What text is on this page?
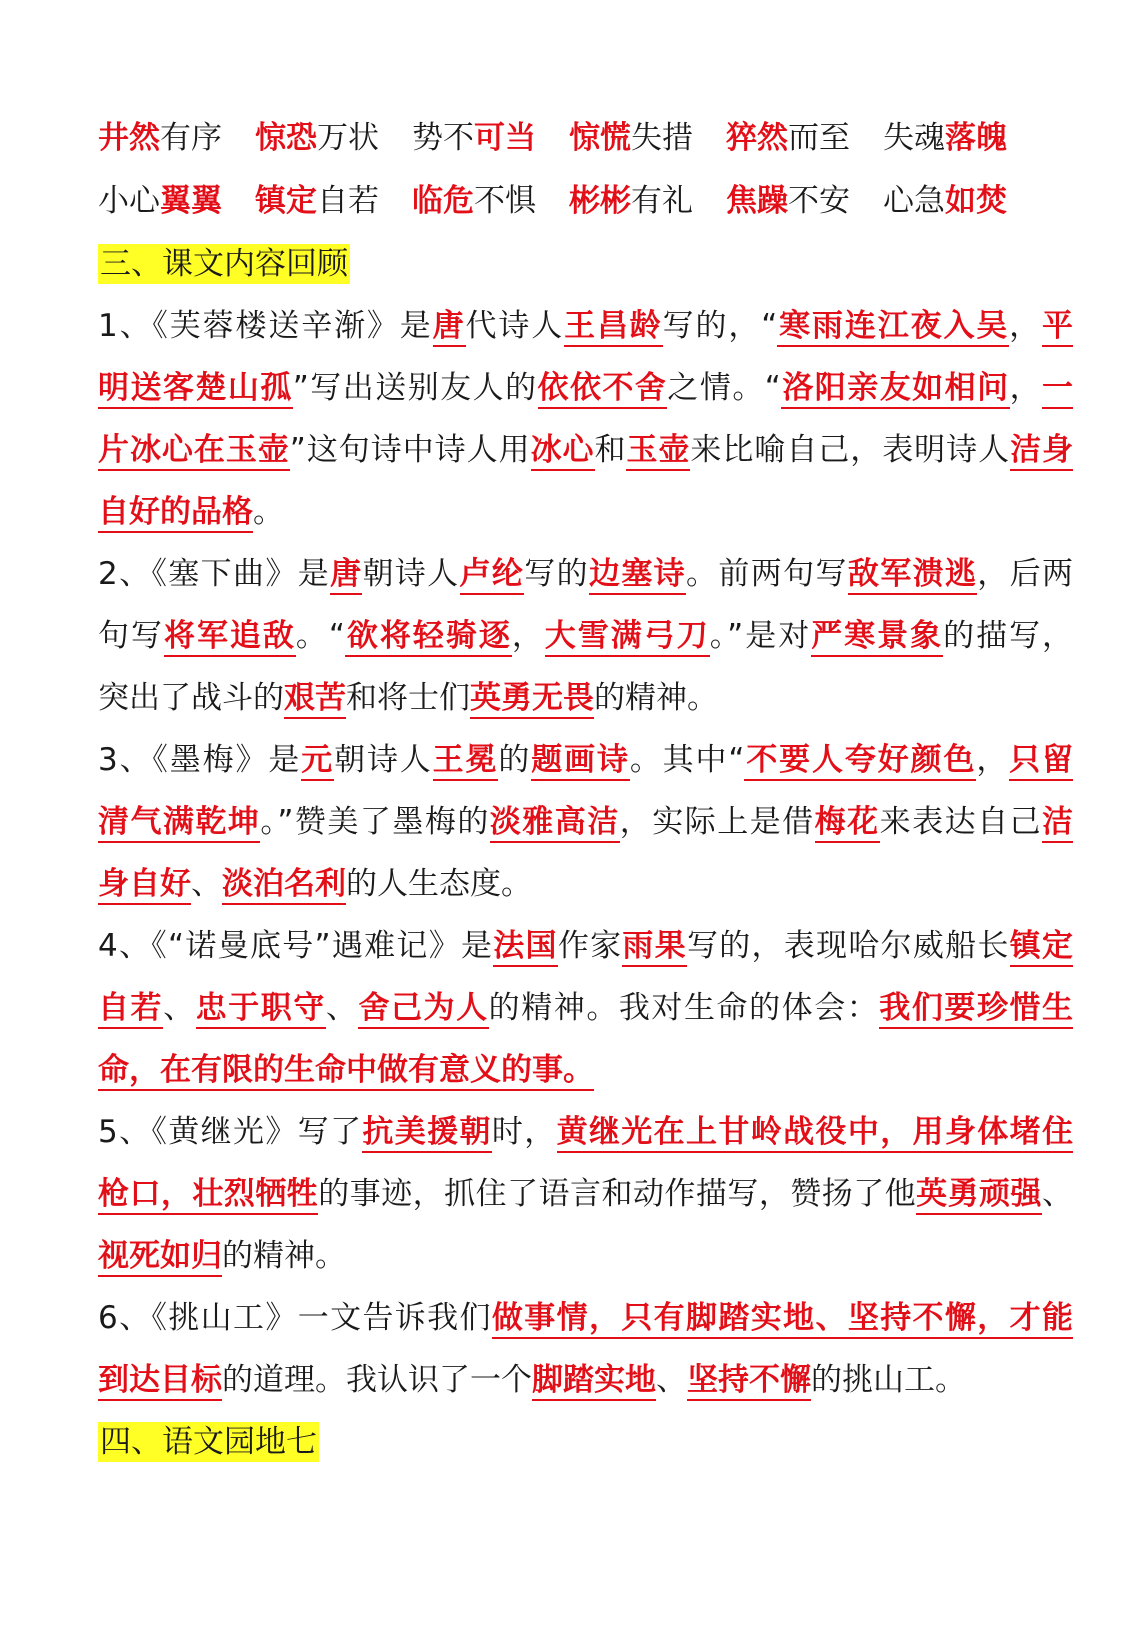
井然有序 惊恐万状 势不可当 惊慌失措 猝然而至 失魂落魄
小心翼翼 镇定自若 临危不惧 彬彬有礼 焦躁不安 心急如焚
三、课文内容回顾
1、《芙蓉楼送辛渐》是唐代诗人王昌龄写的，“寒雨连江夜入吴，平
明送客楚山孤”写出送别友人的依依不舍之情。“洛阳亲友如相问，一
片冰心在玉壶”这句诗中诗人用冰心和玉壶来比喻自己，表明诗人洁身
自好的品格。
2、《塞下曲》是唐朝诗人卢纶写的边塞诗。前两句写敌军溃逃，后两
句写将军追敌。“欲将轻骑逐，大雪满弓刀。”是对严寒景象的描写，
突出了战斗的艰苦和将士们英勇无畏的精神。
3、《墨梅》是元朝诗人王冕的题画诗。其中“不要人夸好颜色，只留
清气满乾坤。”赞美了墨梅的淡雅高洁，实际上是借梅花来表达自己洁
身自好、淡泊名利的人生态度。
4、《“诺曼底号”遇难记》是法国作家雨果写的，表现哈尔威船长镇定
自若、忠于职守、舍己为人的精神。我对生命的体会：我们要珍惜生
命，在有限的生命中做有意义的事。
5、《黄继光》写了抗美援朝时，黄继光在上甘岭战役中，用身体堵住
枪口，壮烈牺牲的事迹，抓住了语言和动作描写，赞扬了他英勇顽强、
视死如归的精神。
6、《挑山工》一文告诉我们做事情，只有脚踏实地、坚持不懈，才能
到达目标的道理。我认识了一个脚踏实地、坚持不懈的挑山工。
四、语文园地七
